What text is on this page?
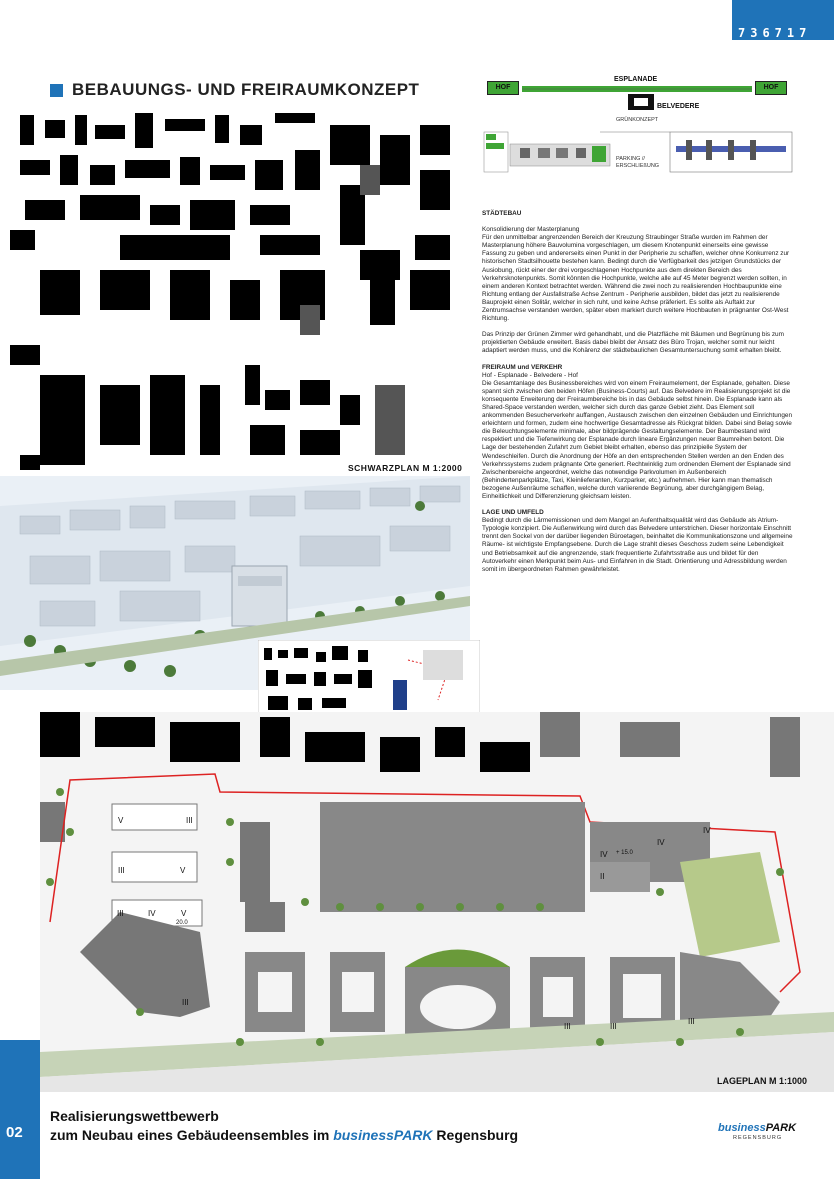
736717
BEBAUUNGS- UND FREIRAUMKONZEPT
ESPLANADE
HOF	HOF
BELVEDERE
GRÜNKONZEPT
PARKING //
ERSCHLIEßUNG

STÄDTEBAU

Konsolidierung der Masterplanung
Für den unmittelbar angrenzenden Bereich der Kreuzung Straubinger Straße wurden im Rahmen der Masterplanung höhere Bauvolumina vorgeschlagen, um diesem Knotenpunkt einerseits eine gewisse Fassung zu geben und andererseits einen Punkt in der Peripherie zu schaffen, welcher ohne Konkurrenz zur historischen Stadtsilhouette bestehen kann. Bedingt durch die Verfügbarkeit des jetzigen Grundstücks der Ausiobung, rückt einer der drei vorgeschlagenen Hochpunkte aus dem direkten Bereich des Verkehrsknotenpunkts. Somit könnten die Hochpunkte, welche alle auf 45 Meter begrenzt werden sollten, in einem anderen Kontext betrachtet werden. Während die zwei noch zu realisierenden Hochbaupunkte eine Richtung entlang der Ausfallstraße Achse Zentrum - Peripherie ausbilden, bildet das jetzt zu realisierende Bauprojekt einen Solitär, welcher in sich ruht, und keine Achse präferiert. Es sollte als Auftakt zur Zentrumsachse verstanden werden, später eben markiert durch weitere Hochbauten in prägnanter Ost-West Richtung.

Das Prinzip der Grünen Zimmer wird gehandhabt, und die Platzfläche mit Bäumen und Begrünung bis zum projektierten Gebäude erweitert. Basis dabei bleibt der Ansatz des Büro Trojan, welcher somit nur leicht adaptiert werden muss, und die Kohärenz der städtebaulichen Gesamtuntersuchung somit erhalten bleibt.

FREIRAUM und VERKEHR
Hof - Esplanade - Belvedere - Hof
Die Gesamtanlage des Businessbereiches wird von einem Freiraumelement, der Esplanade, gehalten. Diese spannt sich zwischen den beiden Höfen (Business-Courts) auf. Das Belvedere im Realisierungsprojekt ist die konsequente Erweiterung der Freiraumbereiche bis in das Gebäude selbst hinein. Die Esplanade kann als Shared-Space verstanden werden, welcher sich durch das ganze Gebiet zieht. Das Element soll ankommenden Besucherverkehr auffangen, Austausch zwischen den einzelnen Gebäuden und Einrichtungen erleichtern und formen, zudem eine hochwertige Gesamtadresse als Rückgrat bilden. Dabei sind Belag sowie die Beleuchtungselemente minimale, aber bildprägende Gestaltungselemente. Der Baumbestand wird respektiert und die Tiefenwirkung der Esplanade durch lineare Ergänzungen neuer Baumreihen betont. Die Lage der bestehenden Zufahrt zum Gebiet bleibt erhalten, ebenso das prinzipielle System der Wendeschleifen. Durch die Anordnung der Höfe an den entsprechenden Stellen werden an den Enden des Verkehrssystems zudem prägnante Orte generiert. Rechtwinklig zum ordnenden Element der Esplanade sind Zwischenbereiche angeordnet, welche das notwendige Parkvolumen im Außenbereich (Behindertenparkplätze, Taxi, Kleinlieferanten, Kurzparker, etc.) aufnehmen. Hier kann man thematisch bezogene Außenräume schaffen, welche durch variierende Begrünung, aber durchgängigem Belag, Einheitlichkeit und Differenzierung gleichsam leisten.

LAGE UND UMFELD
Bedingt durch die Lärmemissionen und dem Mangel an Aufenthaltsqualität wird das Gebäude als Atrium-Typologie konzipiert. Die Außenwirkung wird durch das Belvedere unterstrichen. Dieser horizontale Einschnitt trennt den Sockel von der darüber liegenden Büroetagen, beinhaltet die Kommunikationszone und allgemeine Räume- ist wichtigste Empfangsebene. Durch die Lage strahlt dieses Geschoss zudem seine Lebendigkeit und Betriebsamkeit auf die angrenzende, stark frequentierte Zufahrtsstraße aus und bildet für den Autoverkehr einen Merkpunkt beim Aus- und Einfahren in die Stadt. Orientierung und Adressbildung werden somit im übergeordneten Rahmen gewährleistet.

SCHWARZPLAN M 1:2000
V	III
III	V
III	IV	V
20.0
III
IV
IV
IV + 15.0
II
III	III
III
LAGEPLAN M 1:1000
02
Realisierungswettbewerb
zum Neubau eines Gebäudeensembles im businessPARK Regensburg	businessPARK
REGENSBURG
